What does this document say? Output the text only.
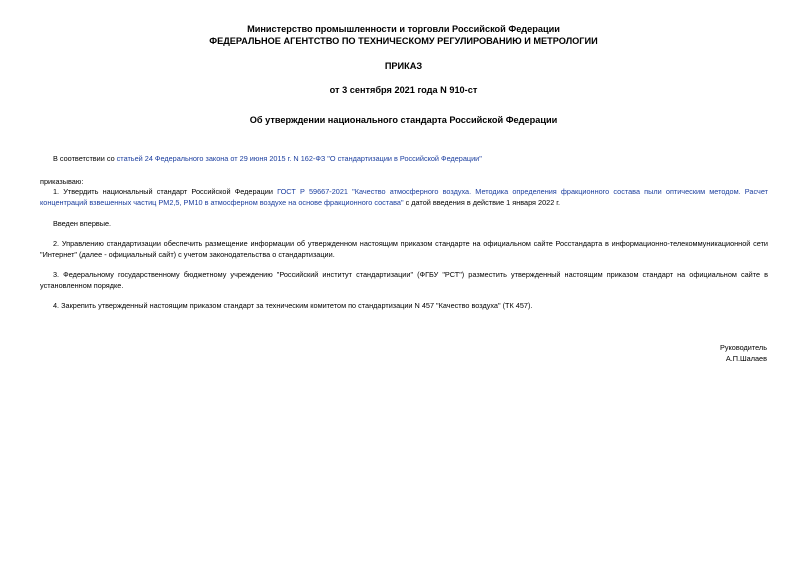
Министерство промышленности и торговли Российской Федерации
ФЕДЕРАЛЬНОЕ АГЕНТСТВО ПО ТЕХНИЧЕСКОМУ РЕГУЛИРОВАНИЮ И МЕТРОЛОГИИ
ПРИКАЗ
от 3 сентября 2021 года N 910-ст
Об утверждении национального стандарта Российской Федерации
В соответствии со статьей 24 Федерального закона от 29 июня 2015 г. N 162-ФЗ "О стандартизации в Российской Федерации"
приказываю:
1. Утвердить национальный стандарт Российской Федерации ГОСТ Р 59667-2021 "Качество атмосферного воздуха. Методика определения фракционного состава пыли оптическим методом. Расчет концентраций взвешенных частиц PM2,5, PM10 в атмосферном воздухе на основе фракционного состава" с датой введения в действие 1 января 2022 г.
Введен впервые.
2. Управлению стандартизации обеспечить размещение информации об утвержденном настоящим приказом стандарте на официальном сайте Росстандарта в информационно-телекоммуникационной сети "Интернет" (далее - официальный сайт) с учетом законодательства о стандартизации.
3. Федеральному государственному бюджетному учреждению "Российский институт стандартизации" (ФГБУ "РСТ") разместить утвержденный настоящим приказом стандарт на официальном сайте в установленном порядке.
4. Закрепить утвержденный настоящим приказом стандарт за техническим комитетом по стандартизации N 457 "Качество воздуха" (ТК 457).
Руководитель
А.П.Шалаев
